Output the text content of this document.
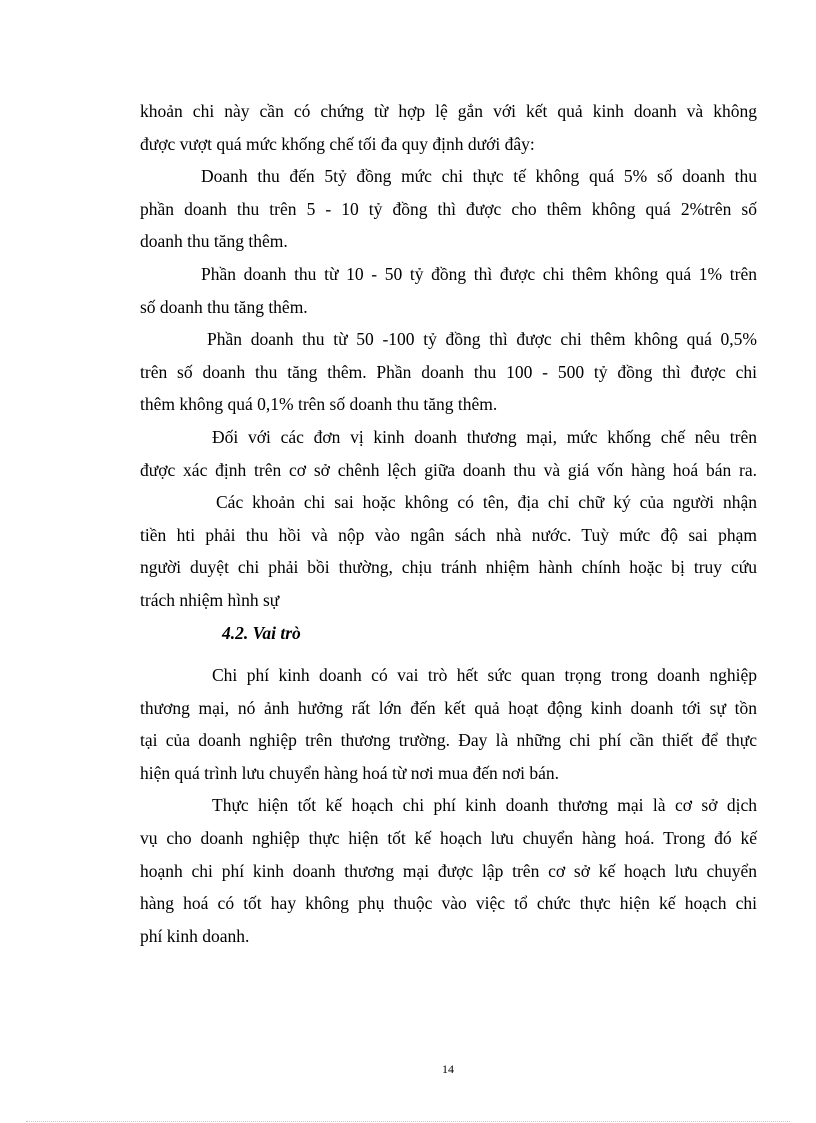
khoản chi này cần có chứng từ hợp lệ gắn với kết quả kinh doanh và không
được vượt quá mức khống chế tối đa quy định dưới đây:
Doanh thu đến 5tỷ đồng mức chi thực tế không quá 5% số doanh thu
phần doanh thu trên 5 - 10 tỷ đồng thì được cho thêm không quá 2%trên số
doanh thu tăng thêm.
Phần doanh thu từ 10 - 50 tỷ đồng thì được chi thêm không quá 1% trên
số doanh thu tăng thêm.
Phần doanh thu từ 50 -100 tỷ đồng thì được chi thêm không quá 0,5%
trên số doanh thu tăng thêm. Phần doanh thu 100 - 500 tỷ đồng thì được chi
thêm không quá 0,1% trên số doanh thu tăng thêm.
Đối với các đơn vị kinh doanh thương mại, mức khống chế nêu trên
được xác định trên cơ sở chênh lệch giữa doanh thu và giá vốn hàng hoá bán ra.
Các khoản chi sai hoặc không có tên, địa chỉ chữ ký của người nhận
tiền hti phải thu hồi và nộp vào ngân sách nhà nước. Tuỳ mức độ sai phạm
người duyệt chi phải bồi thường, chịu tránh nhiệm hành chính hoặc bị truy cứu
trách nhiệm hình sự
4.2. Vai trò
Chi phí kinh doanh có vai trò hết sức quan trọng trong doanh nghiệp
thương mại, nó ảnh hưởng rất lớn đến kết quả hoạt động kinh doanh tới sự tồn
tại của doanh nghiệp trên thương trường. Đay là những chi phí cần thiết để thực
hiện quá trình lưu chuyển hàng hoá từ nơi mua đến nơi bán.
Thực hiện tốt kế hoạch chi phí kinh doanh thương mại là cơ sở dịch
vụ cho doanh nghiệp thực hiện tốt kế hoạch lưu chuyển hàng hoá. Trong đó kế
hoạnh chi phí kinh doanh thương mại được lập trên cơ sở kế hoạch lưu chuyển
hàng hoá có tốt hay không phụ thuộc vào việc tổ chức thực hiện kế hoạch chi
phí kinh doanh.
14
